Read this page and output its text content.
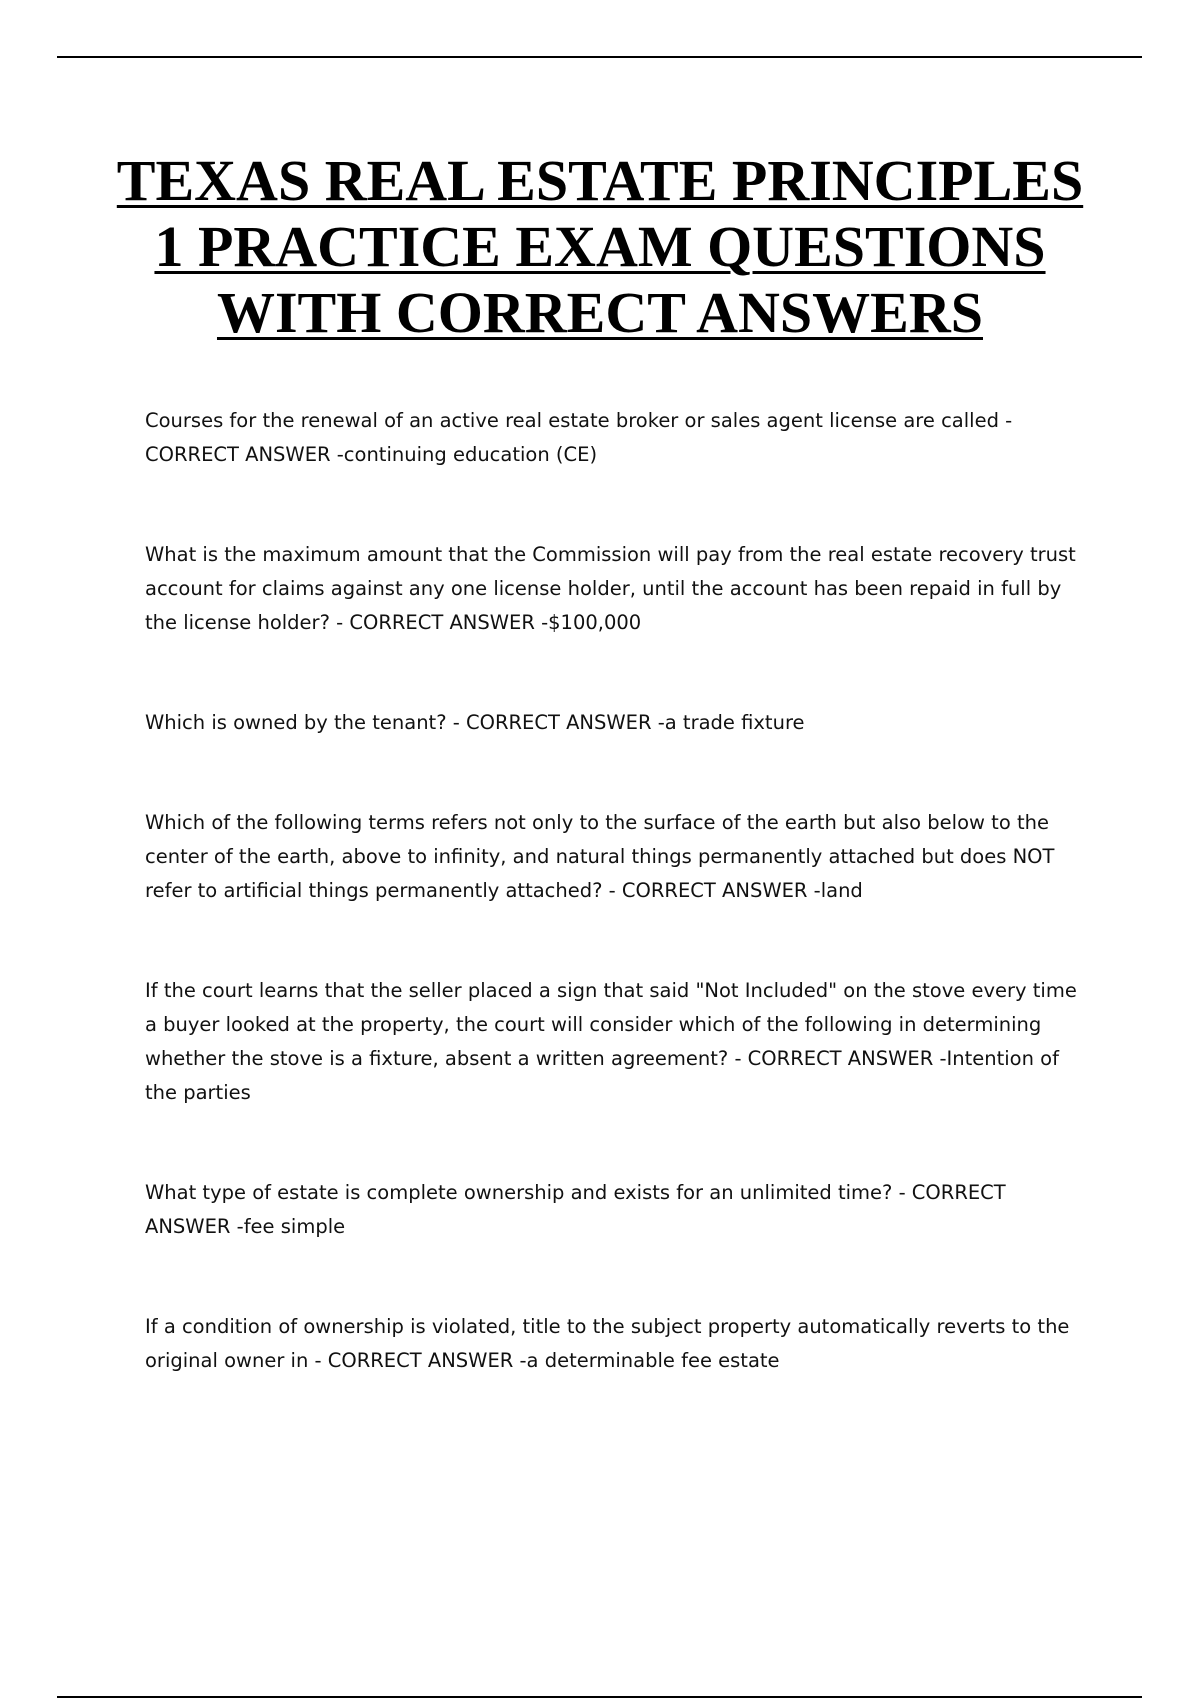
TEXAS REAL ESTATE PRINCIPLES
1 PRACTICE EXAM QUESTIONS
WITH CORRECT ANSWERS

Courses for the renewal of an active real estate broker or sales agent license are called -
CORRECT ANSWER -continuing education (CE)

What is the maximum amount that the Commission will pay from the real estate recovery trust
account for claims against any one license holder, until the account has been repaid in full by
the license holder? - CORRECT ANSWER -$100,000

Which is owned by the tenant? - CORRECT ANSWER -a trade fixture

Which of the following terms refers not only to the surface of the earth but also below to the
center of the earth, above to infinity, and natural things permanently attached but does NOT
refer to artificial things permanently attached? - CORRECT ANSWER -land

If the court learns that the seller placed a sign that said "Not Included" on the stove every time
a buyer looked at the property, the court will consider which of the following in determining
whether the stove is a fixture, absent a written agreement? - CORRECT ANSWER -Intention of
the parties

What type of estate is complete ownership and exists for an unlimited time? - CORRECT
ANSWER -fee simple

If a condition of ownership is violated, title to the subject property automatically reverts to the
original owner in - CORRECT ANSWER -a determinable fee estate
